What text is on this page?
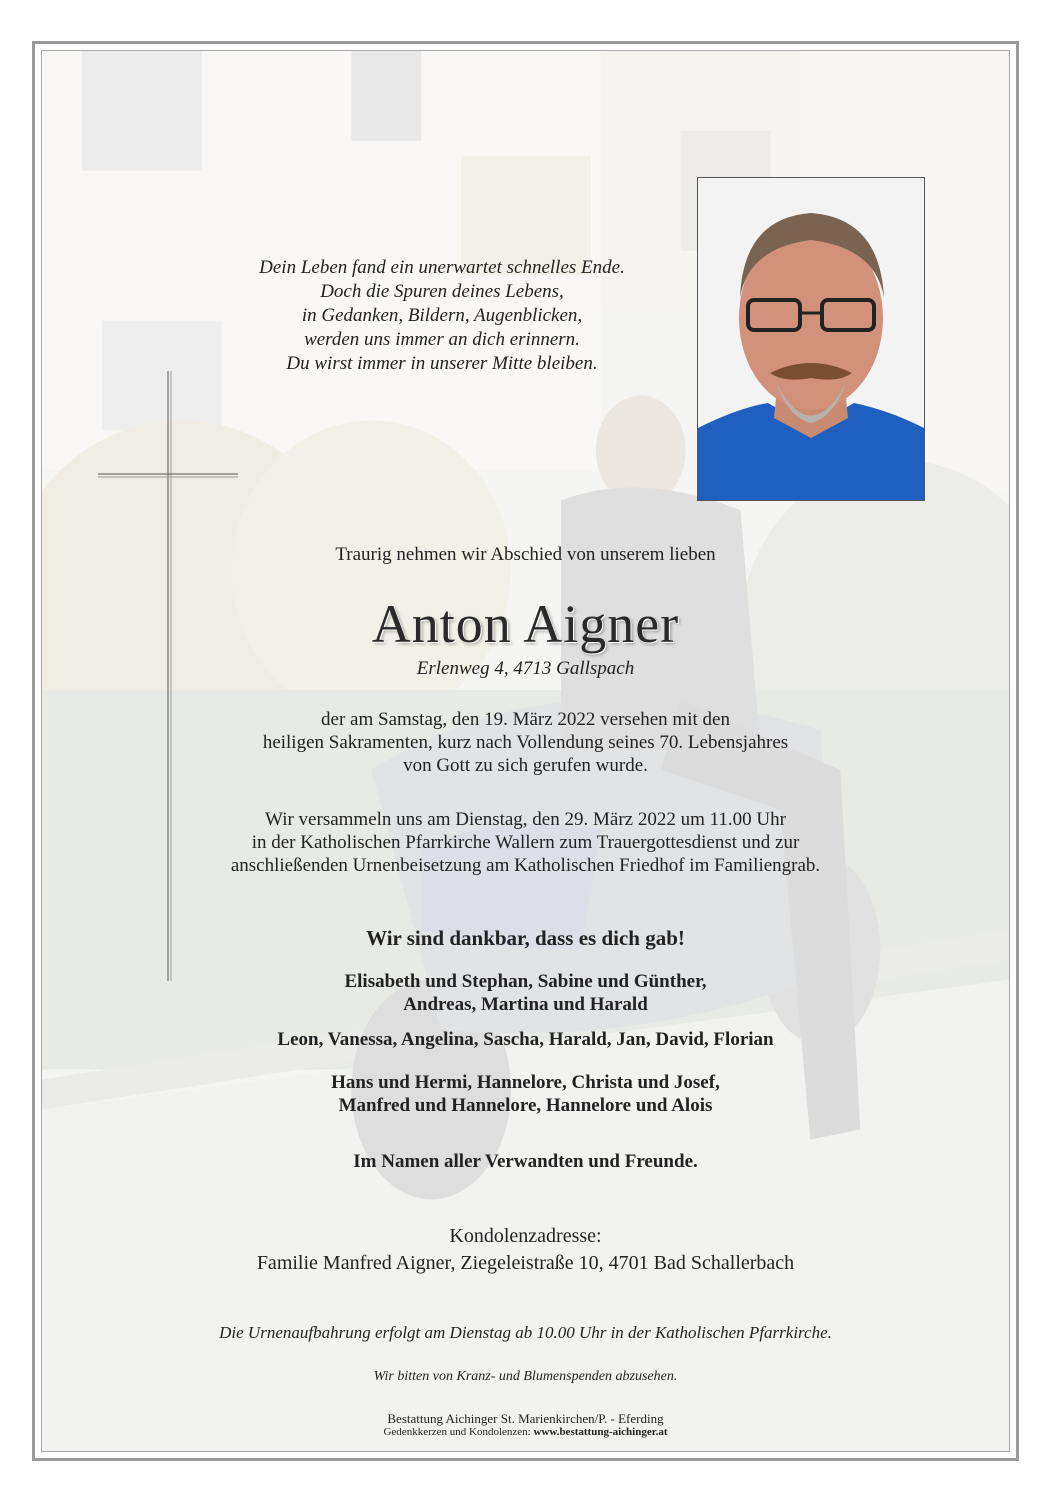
Dein Leben fand ein unerwartet schnelles Ende.
Doch die Spuren deines Lebens,
in Gedanken, Bildern, Augenblicken,
werden uns immer an dich erinnern.
Du wirst immer in unserer Mitte bleiben.
Traurig nehmen wir Abschied von unserem lieben
Anton Aigner
Erlenweg 4, 4713 Gallspach
der am Samstag, den 19. März 2022 versehen mit den
heiligen Sakramenten, kurz nach Vollendung seines 70. Lebensjahres
von Gott zu sich gerufen wurde.
Wir versammeln uns am Dienstag, den 29. März 2022 um 11.00 Uhr
in der Katholischen Pfarrkirche Wallern zum Trauergottesdienst und zur
anschließenden Urnenbeisetzung am Katholischen Friedhof im Familiengrab.
Wir sind dankbar, dass es dich gab!
Elisabeth und Stephan, Sabine und Günther,
Andreas, Martina und Harald
Leon, Vanessa, Angelina, Sascha, Harald, Jan, David, Florian
Hans und Hermi, Hannelore, Christa und Josef,
Manfred und Hannelore, Hannelore und Alois
Im Namen aller Verwandten und Freunde.
Kondolenzadresse:
Familie Manfred Aigner, Ziegeleistraße 10, 4701 Bad Schallerbach
Die Urnenaufbahrung erfolgt am Dienstag ab 10.00 Uhr in der Katholischen Pfarrkirche.
Wir bitten von Kranz- und Blumenspenden abzusehen.
Bestattung Aichinger St. Marienkirchen/P. - Eferding
Gedenkkerzen und Kondolenzen: www.bestattung-aichinger.at
